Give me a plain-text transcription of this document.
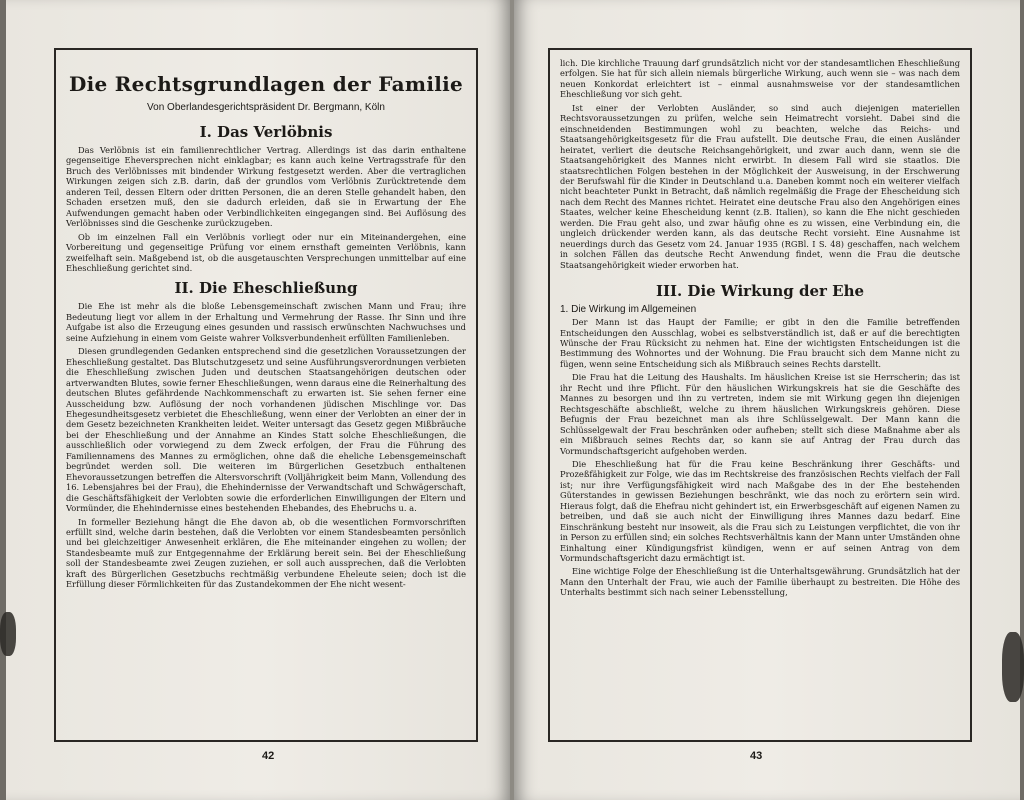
Die Rechtsgrundlagen der Familie
Von Oberlandesgerichtspräsident Dr. Bergmann, Köln
I. Das Verlöbnis

Das Verlöbnis ist ein familienrechtlicher Vertrag. Allerdings ist das darin enthaltene gegenseitige Eheversprechen nicht einklagbar; es kann auch keine Vertragsstrafe für den Bruch des Verlöbnisses mit bindender Wirkung festgesetzt werden. Aber die vertraglichen Wirkungen zeigen sich z.B. darin, daß der grundlos vom Verlöbnis Zurücktretende dem anderen Teil, dessen Eltern oder dritten Personen, die an deren Stelle gehandelt haben, den Schaden ersetzen muß, den sie dadurch erleiden, daß sie in Erwartung der Ehe Aufwendungen gemacht haben oder Verbindlichkeiten eingegangen sind. Bei Auflösung des Verlöbnisses sind die Geschenke zurückzugeben.

Ob im einzelnen Fall ein Verlöbnis vorliegt oder nur ein Miteinandergehen, eine Vorbereitung und gegenseitige Prüfung vor einem ernsthaft gemeinten Verlöbnis, kann zweifelhaft sein. Maßgebend ist, ob die ausgetauschten Versprechungen unmittelbar auf eine Eheschließung gerichtet sind.

II. Die Eheschließung

Die Ehe ist mehr als die bloße Lebensgemeinschaft zwischen Mann und Frau; ihre Bedeutung liegt vor allem in der Erhaltung und Vermehrung der Rasse. Ihr Sinn und ihre Aufgabe ist also die Erzeugung eines gesunden und rassisch erwünschten Nachwuchses und seine Aufziehung in einem vom Geiste wahrer Volksverbundenheit erfüllten Familienleben.

Diesen grundlegenden Gedanken entsprechend sind die gesetzlichen Voraussetzungen der Eheschließung gestaltet. Das Blutschutzgesetz und seine Ausführungsverordnungen verbieten die Eheschließung zwischen Juden und deutschen Staatsangehörigen deutschen oder artverwandten Blutes, sowie ferner Eheschließungen, wenn daraus eine die Reinerhaltung des deutschen Blutes gefährdende Nachkommenschaft zu erwarten ist. Sie sehen ferner eine Ausscheidung bzw. Auflösung der noch vorhandenen jüdischen Mischlinge vor. Das Ehegesundheitsgesetz verbietet die Eheschließung, wenn einer der Verlobten an einer der in dem Gesetz bezeichneten Krankheiten leidet. Weiter untersagt das Gesetz gegen Mißbräuche bei der Eheschließung und der Annahme an Kindes Statt solche Eheschließungen, die ausschließlich oder vorwiegend zu dem Zweck erfolgen, der Frau die Führung des Familiennamens des Mannes zu ermöglichen, ohne daß die eheliche Lebensgemeinschaft begründet werden soll. Die weiteren im Bürgerlichen Gesetzbuch enthaltenen Ehevoraussetzungen betreffen die Altersvorschrift (Volljährigkeit beim Mann, Vollendung des 16. Lebensjahres bei der Frau), die Ehehindernisse der Verwandtschaft und Schwägerschaft, die Geschäftsfähigkeit der Verlobten sowie die erforderlichen Einwilligungen der Eltern und Vormünder, die Ehehindernisse eines bestehenden Ehebandes, des Ehebruchs u. a.

In formeller Beziehung hängt die Ehe davon ab, ob die wesentlichen Formvorschriften erfüllt sind, welche darin bestehen, daß die Verlobten vor einem Standesbeamten persönlich und bei gleichzeitiger Anwesenheit erklären, die Ehe miteinander eingehen zu wollen; der Standesbeamte muß zur Entgegennahme der Erklärung bereit sein. Bei der Eheschließung soll der Standesbeamte zwei Zeugen zuziehen, er soll auch aussprechen, daß die Verlobten kraft des Bürgerlichen Gesetzbuchs rechtmäßig verbundene Eheleute seien; doch ist die Erfüllung dieser Förmlichkeiten für das Zustandekommen der Ehe nicht wesent-

42

lich. Die kirchliche Trauung darf grundsätzlich nicht vor der standesamtlichen Eheschließung erfolgen. Sie hat für sich allein niemals bürgerliche Wirkung, auch wenn sie – was nach dem neuen Konkordat erleichtert ist – einmal ausnahmsweise vor der standesamtlichen Eheschließung vor sich geht.

Ist einer der Verlobten Ausländer, so sind auch diejenigen materiellen Rechtsvoraussetzungen zu prüfen, welche sein Heimatrecht vorsieht. Dabei sind die einschneidenden Bestimmungen wohl zu beachten, welche das Reichs- und Staatsangehörigkeitsgesetz für die Frau aufstellt. Die deutsche Frau, die einen Ausländer heiratet, verliert die deutsche Reichsangehörigkeit, und zwar auch dann, wenn sie die Staatsangehörigkeit des Mannes nicht erwirbt. In diesem Fall wird sie staatlos. Die staatsrechtlichen Folgen bestehen in der Möglichkeit der Ausweisung, in der Erschwerung der Berufswahl für die Kinder in Deutschland u.a. Daneben kommt noch ein weiterer vielfach nicht beachteter Punkt in Betracht, daß nämlich regelmäßig die Frage der Ehescheidung sich nach dem Recht des Mannes richtet. Heiratet eine deutsche Frau also den Angehörigen eines Staates, welcher keine Ehescheidung kennt (z.B. Italien), so kann die Ehe nicht geschieden werden. Die Frau geht also, und zwar häufig ohne es zu wissen, eine Verbindung ein, die ungleich drückender werden kann, als das deutsche Recht vorsieht. Eine Ausnahme ist neuerdings durch das Gesetz vom 24. Januar 1935 (RGBl. I S. 48) geschaffen, nach welchem in solchen Fällen das deutsche Recht Anwendung findet, wenn die Frau die deutsche Staatsangehörigkeit wieder erworben hat.

III. Die Wirkung der Ehe
1. Die Wirkung im Allgemeinen

Der Mann ist das Haupt der Familie; er gibt in den die Familie betreffenden Entscheidungen den Ausschlag, wobei es selbstverständlich ist, daß er auf die berechtigten Wünsche der Frau Rücksicht zu nehmen hat. Eine der wichtigsten Entscheidungen ist die Bestimmung des Wohnortes und der Wohnung. Die Frau braucht sich dem Manne nicht zu fügen, wenn seine Entscheidung sich als Mißbrauch seines Rechts darstellt.

Die Frau hat die Leitung des Haushalts. Im häuslichen Kreise ist sie Herrscherin; das ist ihr Recht und ihre Pflicht. Für den häuslichen Wirkungskreis hat sie die Geschäfte des Mannes zu besorgen und ihn zu vertreten, indem sie mit Wirkung gegen ihn diejenigen Rechtsgeschäfte abschließt, welche zu ihrem häuslichen Wirkungskreis gehören. Diese Befugnis der Frau bezeichnet man als ihre Schlüsselgewalt. Der Mann kann die Schlüsselgewalt der Frau beschränken oder aufheben; stellt sich diese Maßnahme aber als ein Mißbrauch seines Rechts dar, so kann sie auf Antrag der Frau durch das Vormundschaftsgericht aufgehoben werden.

Die Eheschließung hat für die Frau keine Beschränkung ihrer Geschäfts- und Prozeßfähigkeit zur Folge, wie das im Rechtskreise des französischen Rechts vielfach der Fall ist; nur ihre Verfügungsfähigkeit wird nach Maßgabe des in der Ehe bestehenden Güterstandes in gewissen Beziehungen beschränkt, wie das noch zu erörtern sein wird. Hieraus folgt, daß die Ehefrau nicht gehindert ist, ein Erwerbsgeschäft auf eigenen Namen zu betreiben, und daß sie auch nicht der Einwilligung ihres Mannes dazu bedarf. Eine Einschränkung besteht nur insoweit, als die Frau sich zu Leistungen verpflichtet, die von ihr in Person zu erfüllen sind; ein solches Rechtsverhältnis kann der Mann unter Umständen ohne Einhaltung einer Kündigungsfrist kündigen, wenn er auf seinen Antrag von dem Vormundschaftsgericht dazu ermächtigt ist.

Eine wichtige Folge der Eheschließung ist die Unterhaltsgewährung. Grundsätzlich hat der Mann den Unterhalt der Frau, wie auch der Familie überhaupt zu bestreiten. Die Höhe des Unterhalts bestimmt sich nach seiner Lebensstellung,

43
